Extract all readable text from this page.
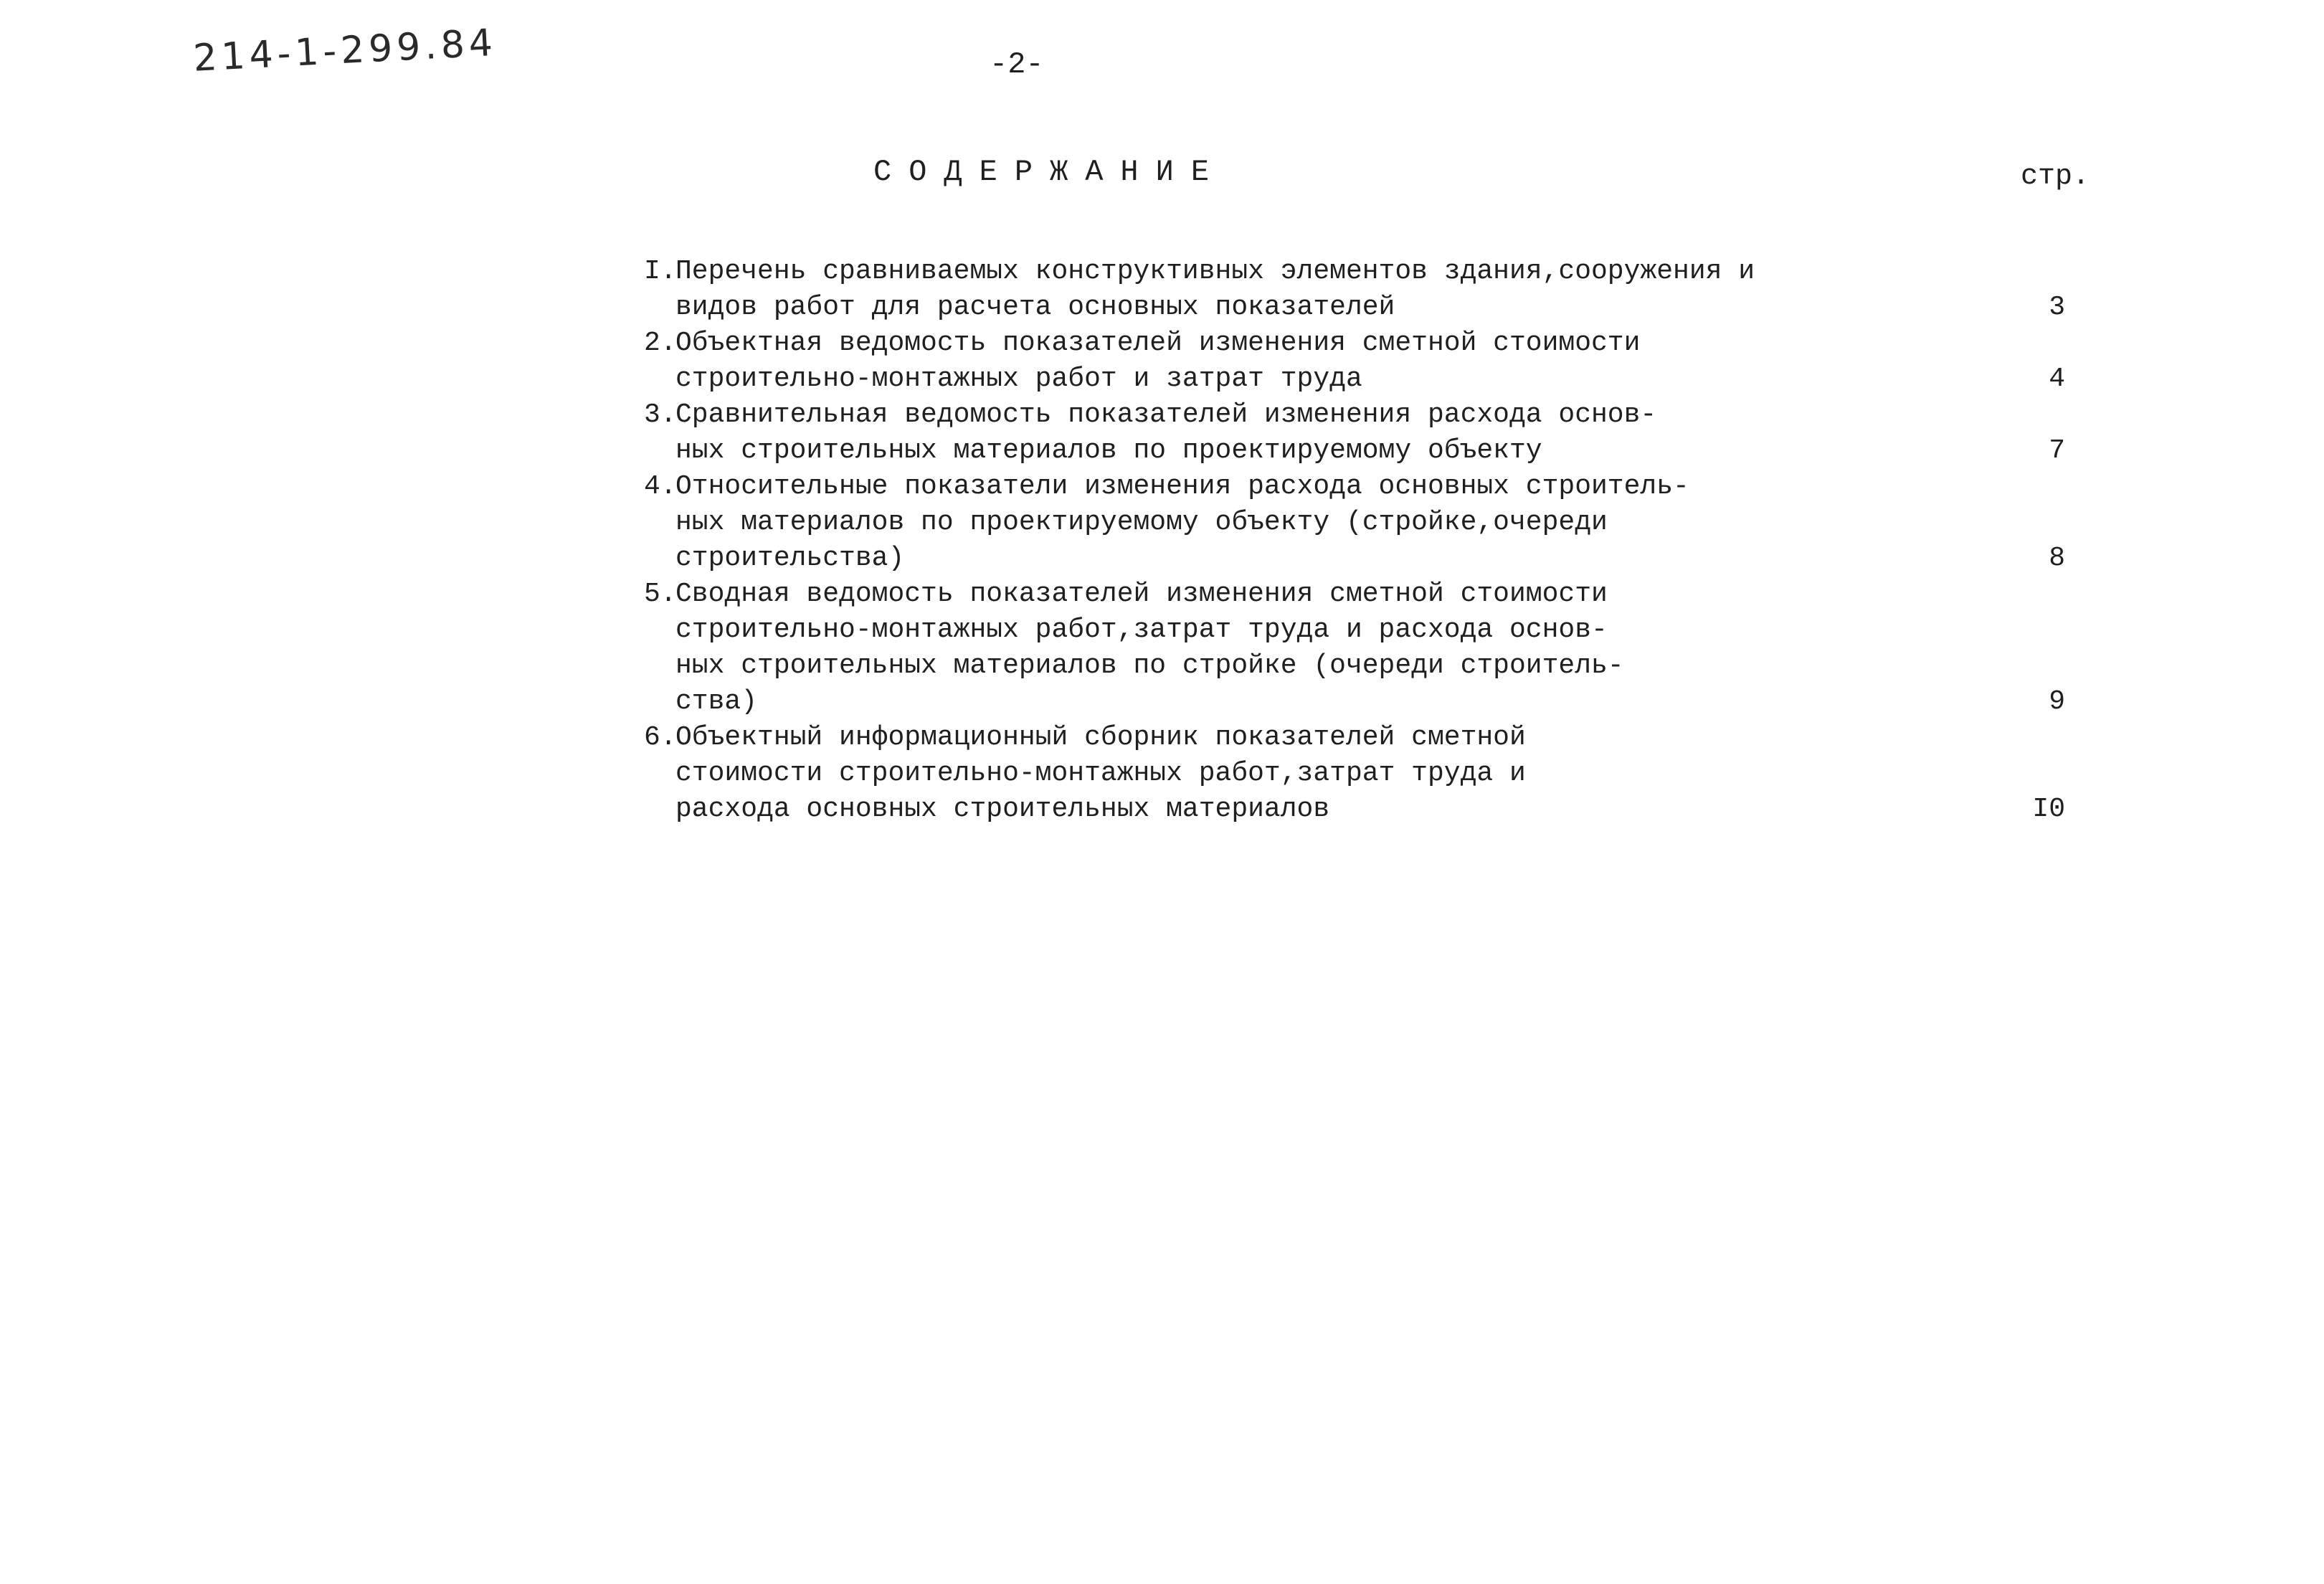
214-1-299.84	-2-
СОДЕРЖАНИЕ	стр.
I.
Перечень сравниваемых конструктивных элементов здания,сооружения и
видов работ для расчета основных показателей	3
2.
Объектная ведомость показателей изменения сметной стоимости
строительно-монтажных работ и затрат труда	4
3.
Сравнительная ведомость показателей изменения расхода основ-
ных строительных материалов по проектируемому объекту	7
4.
Относительные показатели изменения расхода основных строитель-
ных материалов по проектируемому объекту (стройке,очереди
строительства)	8
5.
Сводная ведомость показателей изменения сметной стоимости
строительно-монтажных работ,затрат труда и расхода основ-
ных строительных материалов по стройке (очереди строитель-
ства)	9
6.
Объектный информационный сборник показателей сметной
стоимости строительно-монтажных работ,затрат труда и
расхода основных строительных материалов	I0
